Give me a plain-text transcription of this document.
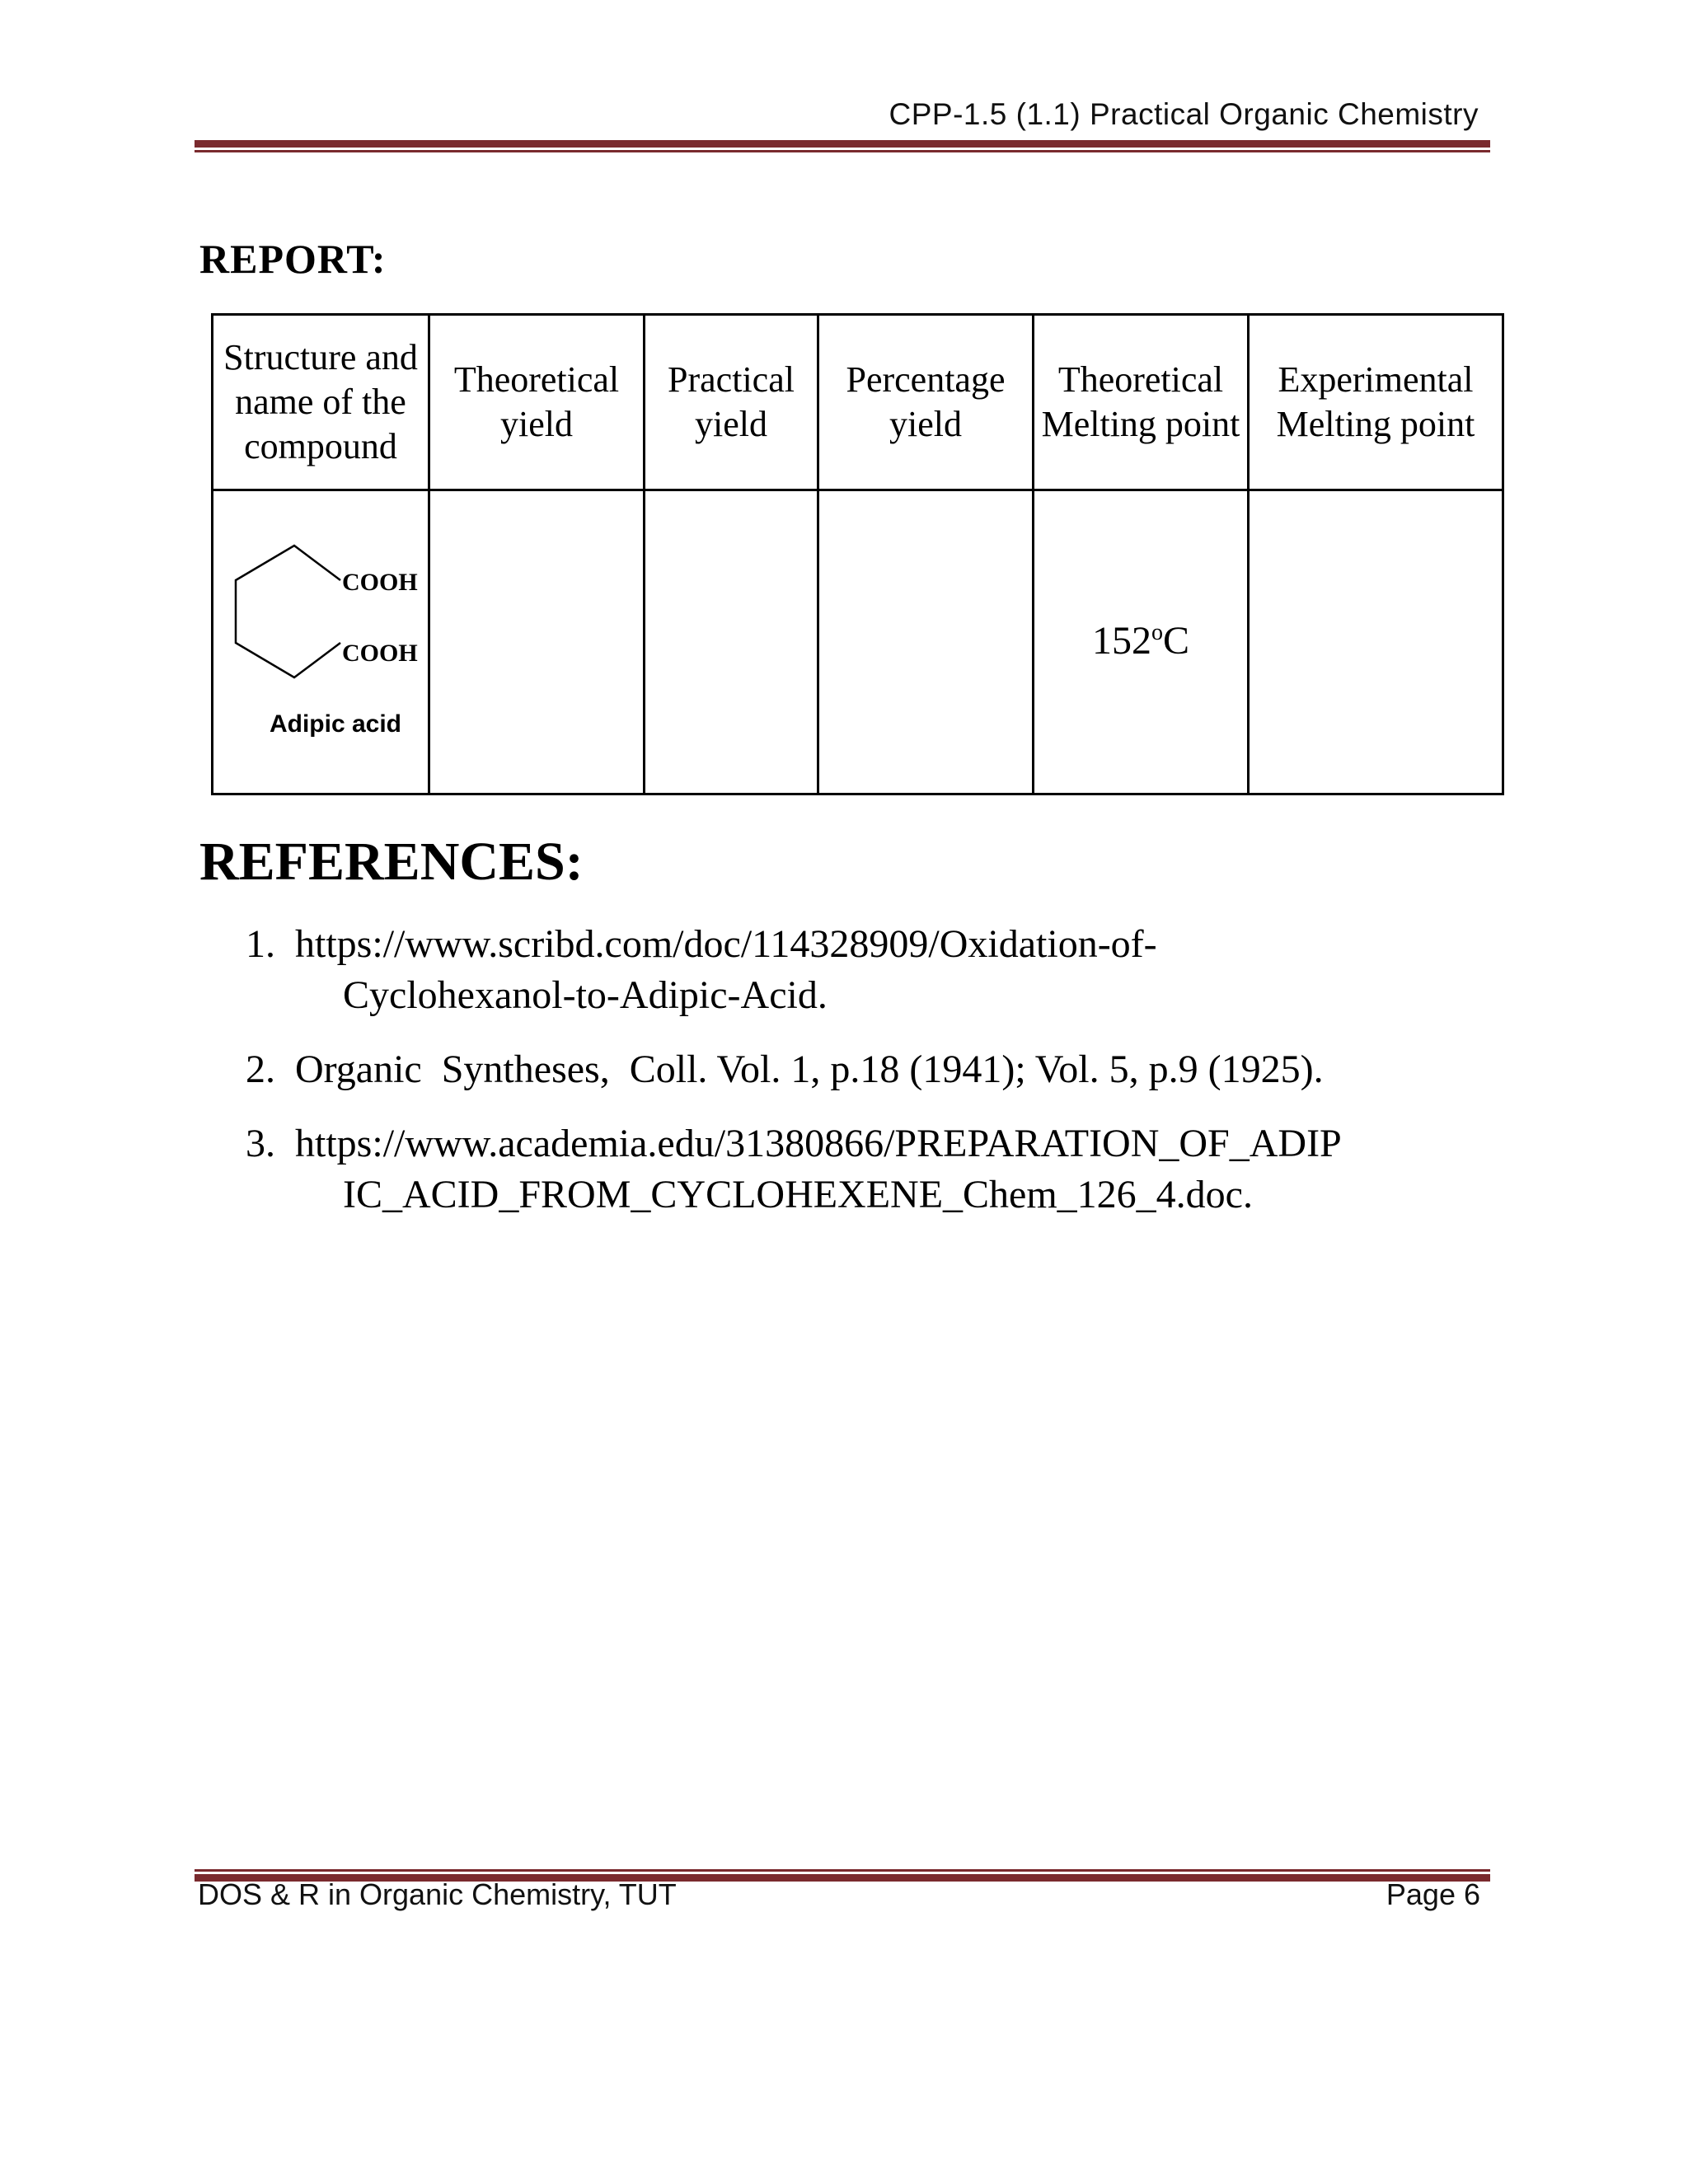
CPP-1.5 (1.1) Practical Organic Chemistry
REPORT:
Structure and name of the compound	Theoretical yield	Practical yield	Percentage yield	Theoretical Melting point	Experimental Melting point

COOH
COOH
Adipic acid				152$^o$C	
REFERENCES:
1. https://www.scribd.com/doc/114328909/Oxidation-of-
Cyclohexanol-to-Adipic-Acid.
2. Organic  Syntheses,  Coll. Vol. 1, p.18 (1941); Vol. 5, p.9 (1925).
3. https://www.academia.edu/31380866/PREPARATION_OF_ADIP
IC_ACID_FROM_CYCLOHEXENE_Chem_126_4.doc.
DOS & R in Organic Chemistry, TUT	Page 6
